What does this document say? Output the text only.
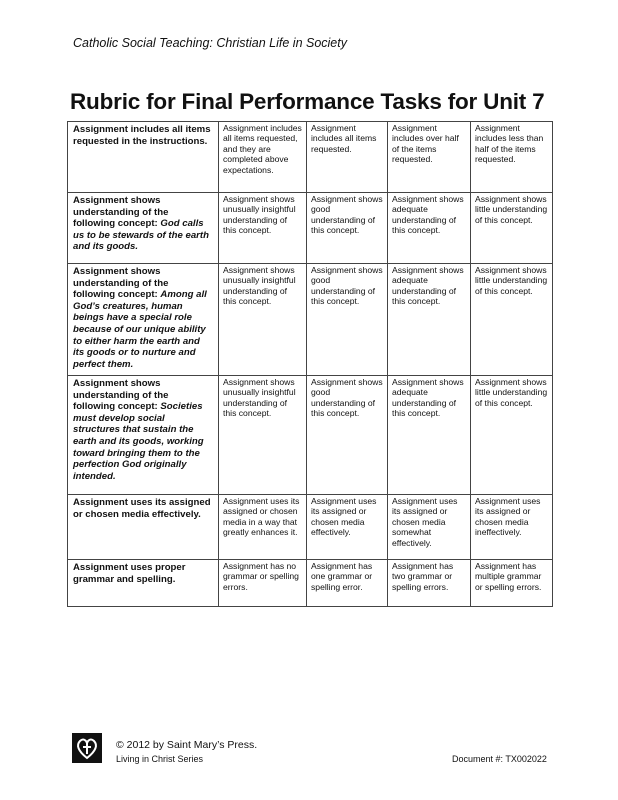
Catholic Social Teaching: Christian Life in Society
Rubric for Final Performance Tasks for Unit 7
Assignment includes all items requested in the instructions.	Assignment includes all items requested, and they are completed above expectations.	Assignment includes all items requested.	Assignment includes over half of the items requested.	Assignment includes less than half of the items requested.
Assignment shows understanding of the following concept: God calls us to be stewards of the earth and its goods.	Assignment shows unusually insightful understanding of this concept.	Assignment shows good understanding of this concept.	Assignment shows adequate understanding of this concept.	Assignment shows little understanding of this concept.
Assignment shows understanding of the following concept: Among all God’s creatures, human beings have a special role because of our unique ability to either harm the earth and its goods or to nurture and perfect them.	Assignment shows unusually insightful understanding of this concept.	Assignment shows good understanding of this concept.	Assignment shows adequate understanding of this concept.	Assignment shows little understanding of this concept.
Assignment shows understanding of the following concept: Societies must develop social structures that sustain the earth and its goods, working toward bringing them to the perfection God originally intended.	Assignment shows unusually insightful understanding of this concept.	Assignment shows good understanding of this concept.	Assignment shows adequate understanding of this concept.	Assignment shows little understanding of this concept.
Assignment uses its assigned or chosen media effectively.	Assignment uses its assigned or chosen media in a way that greatly enhances it.	Assignment uses its assigned or chosen media effectively.	Assignment uses its assigned or chosen media somewhat effectively.	Assignment uses its assigned or chosen media ineffectively.
Assignment uses proper grammar and spelling.	Assignment has no grammar or spelling errors.	Assignment has one grammar or spelling error.	Assignment has two grammar or spelling errors.	Assignment has multiple grammar or spelling errors.
© 2012 by Saint Mary’s Press.
Living in Christ Series	Document #: TX002022
